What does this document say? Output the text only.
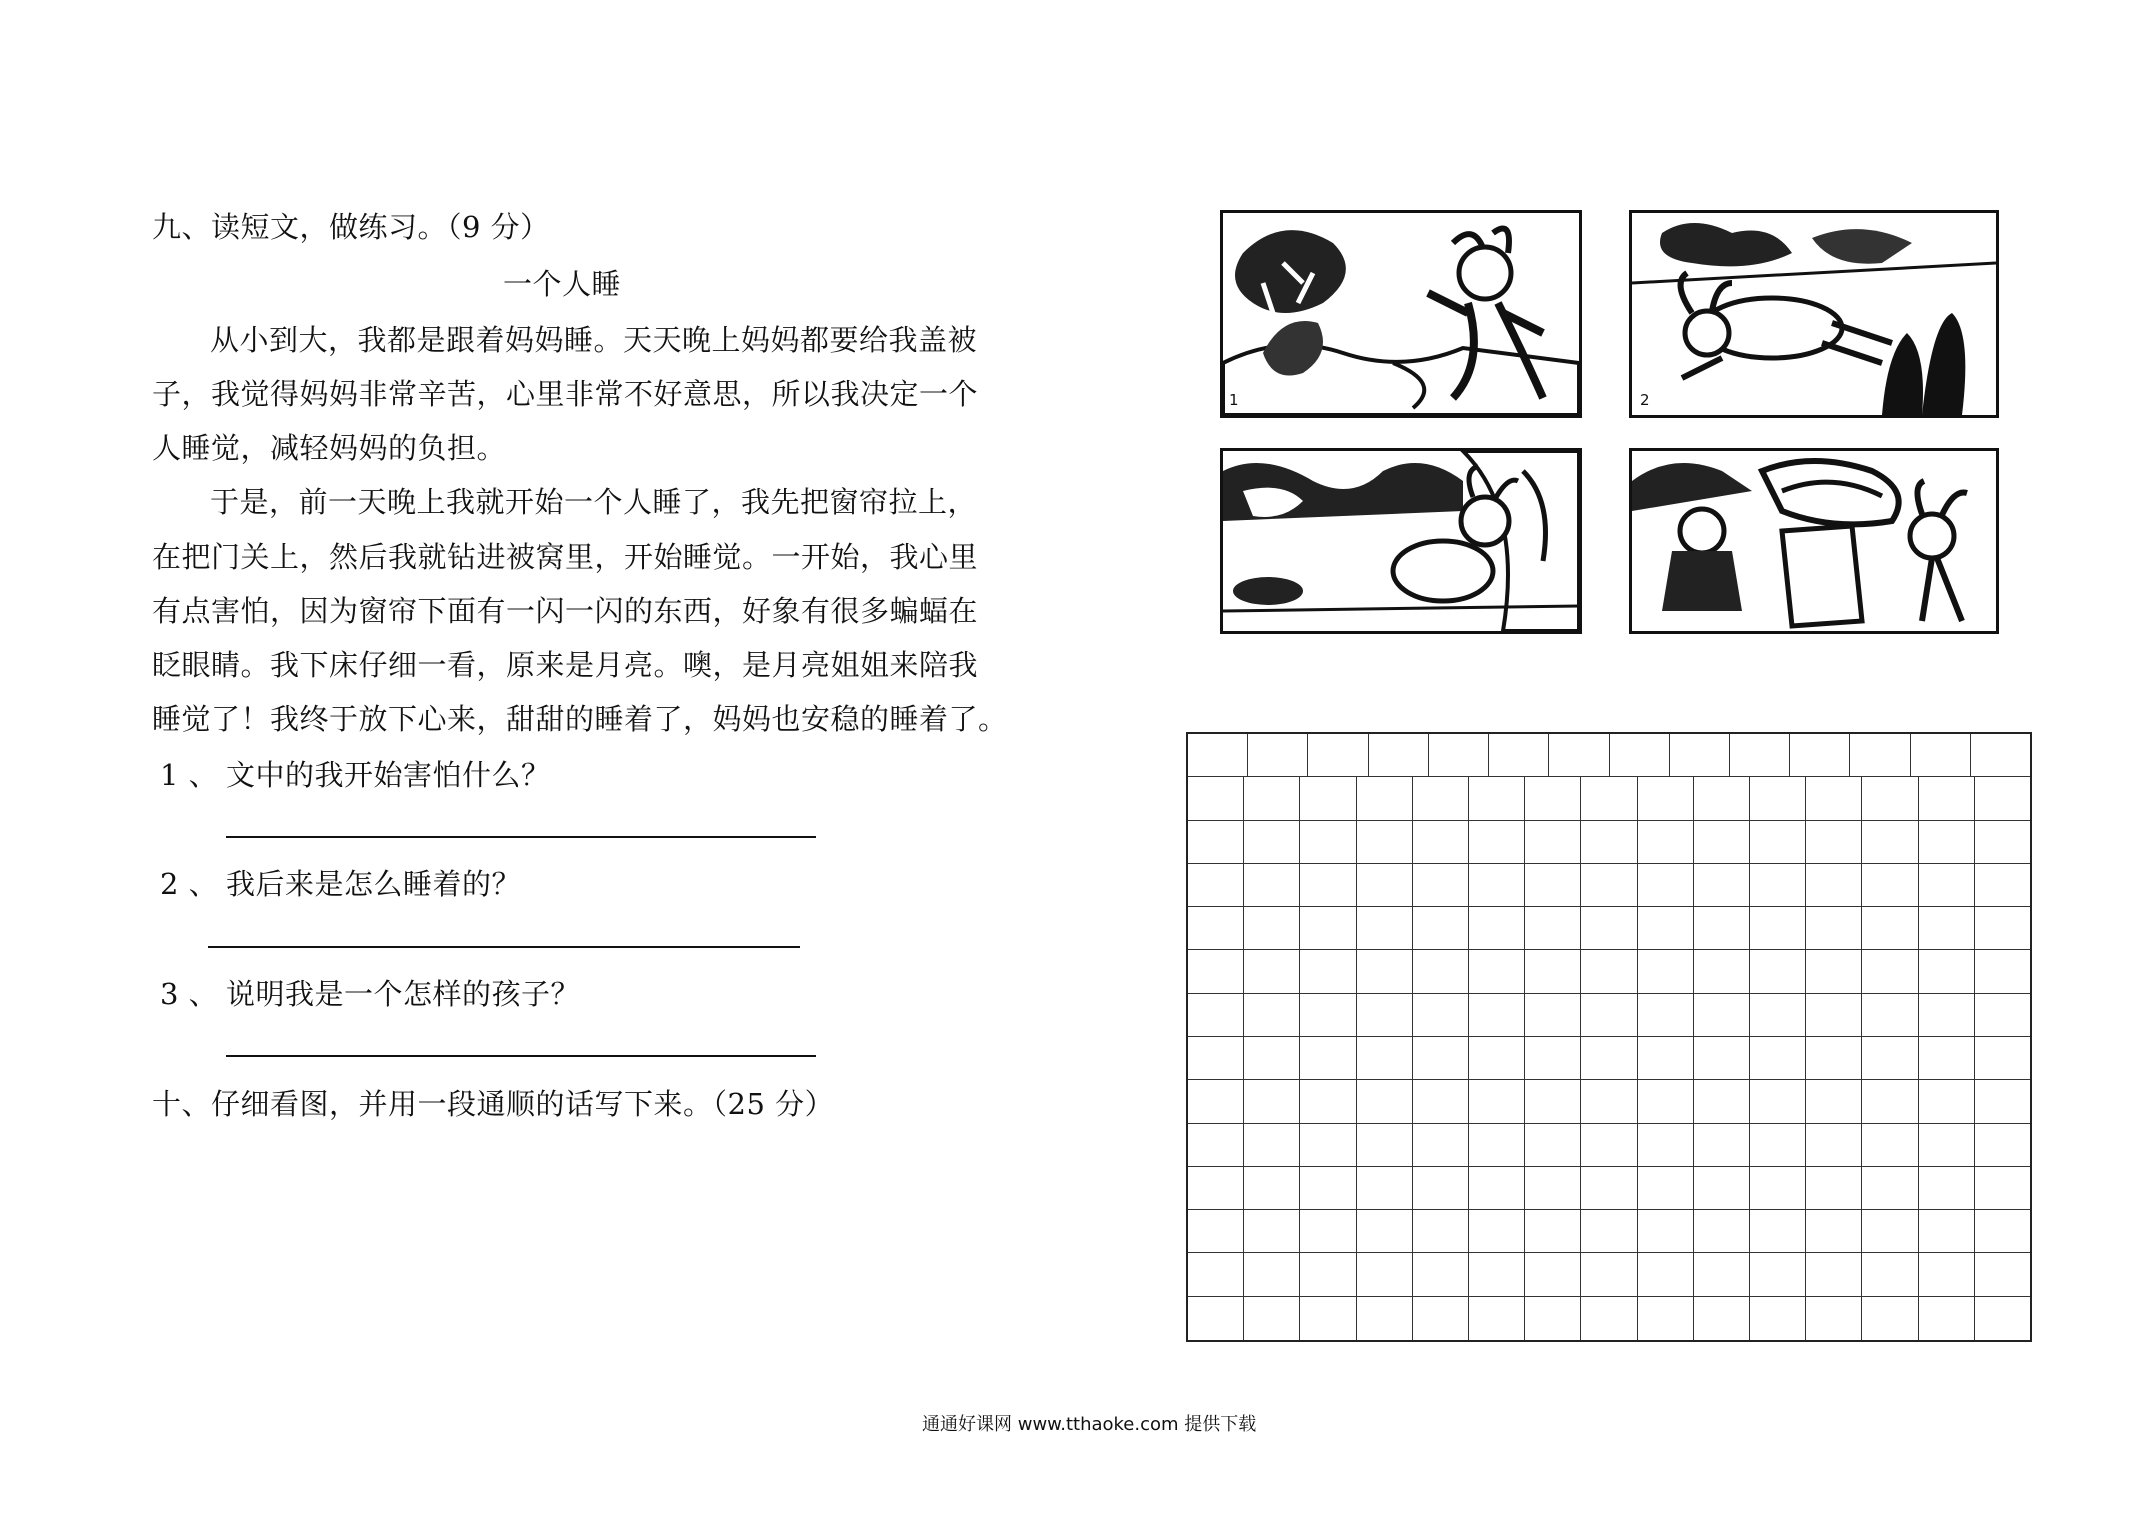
九、读短文，做练习。（9 分）
一个人睡
从小到大，我都是跟着妈妈睡。天天晚上妈妈都要给我盖被
子，我觉得妈妈非常辛苦，心里非常不好意思，所以我决定一个
人睡觉，减轻妈妈的负担。
于是，前一天晚上我就开始一个人睡了，我先把窗帘拉上，
在把门关上，然后我就钻进被窝里，开始睡觉。一开始，我心里
有点害怕，因为窗帘下面有一闪一闪的东西，好象有很多蝙蝠在
眨眼睛。我下床仔细一看，原来是月亮。噢，是月亮姐姐来陪我
睡觉了！我终于放下心来，甜甜的睡着了，妈妈也安稳的睡着了。
1 、 文中的我开始害怕什么？
2 、 我后来是怎么睡着的？
3 、 说明我是一个怎样的孩子？
十、仔细看图，并用一段通顺的话写下来。（25 分）
1	2
通通好课网 www.tthaoke.com 提供下载
